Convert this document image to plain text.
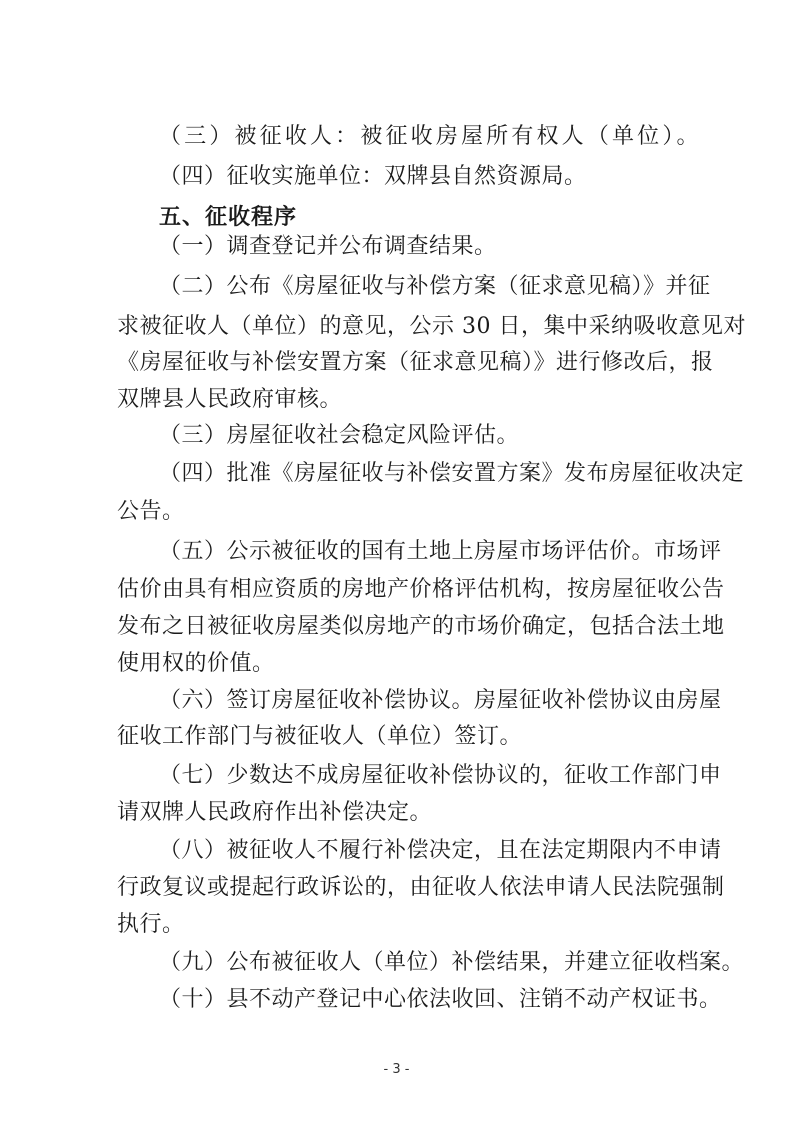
（三）被征收人：被征收房屋所有权人（单位）。
（四）征收实施单位：双牌县自然资源局。
五、征收程序
（一）调查登记并公布调查结果。
（二）公布《房屋征收与补偿方案（征求意见稿）》并征
求被征收人（单位）的意见，公示 30 日，集中采纳吸收意见对
《房屋征收与补偿安置方案（征求意见稿）》进行修改后，报
双牌县人民政府审核。
（三）房屋征收社会稳定风险评估。
（四）批准《房屋征收与补偿安置方案》发布房屋征收决定
公告。
（五）公示被征收的国有土地上房屋市场评估价。市场评
估价由具有相应资质的房地产价格评估机构，按房屋征收公告
发布之日被征收房屋类似房地产的市场价确定，包括合法土地
使用权的价值。
（六）签订房屋征收补偿协议。房屋征收补偿协议由房屋
征收工作部门与被征收人（单位）签订。
（七）少数达不成房屋征收补偿协议的，征收工作部门申
请双牌人民政府作出补偿决定。
（八）被征收人不履行补偿决定，且在法定期限内不申请
行政复议或提起行政诉讼的，由征收人依法申请人民法院强制
执行。
（九）公布被征收人（单位）补偿结果，并建立征收档案。
（十）县不动产登记中心依法收回、注销不动产权证书。
- 3 -
